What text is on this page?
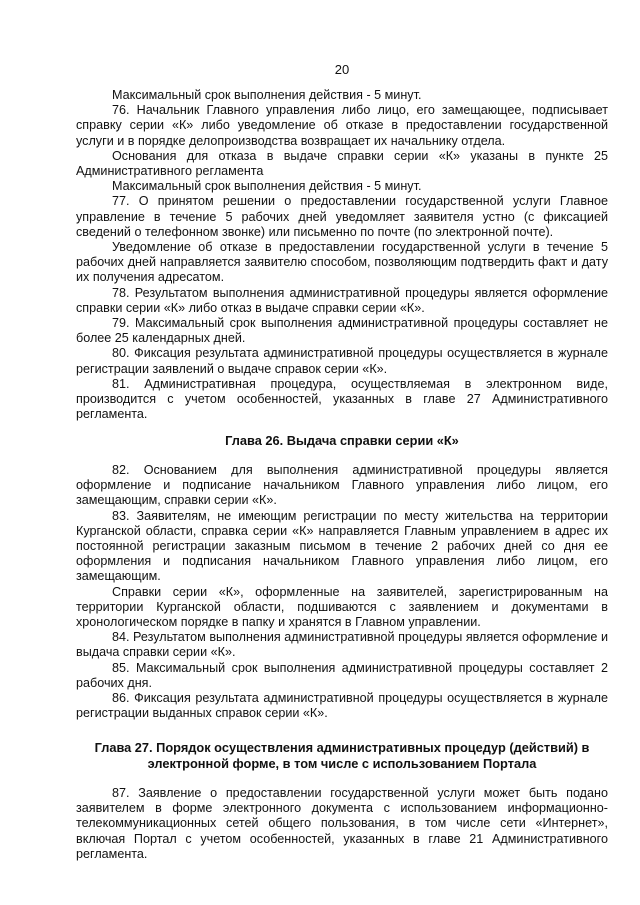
20

Максимальный срок выполнения действия - 5 минут.

76. Начальник Главного управления либо лицо, его замещающее, подписывает справку серии «К» либо уведомление об отказе в предоставлении государственной услуги и в порядке делопроизводства возвращает их начальнику отдела.

Основания для отказа в выдаче справки серии «К» указаны в пункте 25 Административного регламента

Максимальный срок выполнения действия - 5 минут.

77. О принятом решении о предоставлении государственной услуги Главное управление в течение 5 рабочих дней уведомляет заявителя устно (с фиксацией сведений о телефонном звонке) или письменно по почте (по электронной почте).

Уведомление об отказе в предоставлении государственной услуги в течение 5 рабочих дней направляется заявителю способом, позволяющим подтвердить факт и дату их получения адресатом.

78. Результатом выполнения административной процедуры является оформление справки серии «К» либо отказ в выдаче справки серии «К».

79. Максимальный срок выполнения административной процедуры составляет не более 25 календарных дней.

80. Фиксация результата административной процедуры осуществляется в журнале регистрации заявлений о выдаче справок серии «К».

81. Административная процедура, осуществляемая в электронном виде, производится с учетом особенностей, указанных в главе 27 Административного регламента.

Глава 26. Выдача справки серии «К»

82. Основанием для выполнения административной процедуры является оформление и подписание начальником Главного управления либо лицом, его замещающим, справки серии «К».

83. Заявителям, не имеющим регистрации по месту жительства на территории Курганской области, справка серии «К» направляется Главным управлением в адрес их постоянной регистрации заказным письмом в течение 2 рабочих дней со дня ее оформления и подписания начальником Главного управления либо лицом, его замещающим.

Справки серии «К», оформленные на заявителей, зарегистрированным на территории Курганской области, подшиваются с заявлением и документами в хронологическом порядке в папку и хранятся в Главном управлении.

84. Результатом выполнения административной процедуры является оформление и выдача справки серии «К».

85. Максимальный срок выполнения административной процедуры составляет 2 рабочих дня.

86. Фиксация результата административной процедуры осуществляется в журнале регистрации выданных справок серии «К».

Глава 27. Порядок осуществления административных процедур (действий) в
электронной форме, в том числе с использованием Портала

87. Заявление о предоставлении государственной услуги может быть подано заявителем в форме электронного документа с использованием информационно-телекоммуникационных сетей общего пользования, в том числе сети «Интернет», включая Портал с учетом особенностей, указанных в главе 21 Административного регламента.
